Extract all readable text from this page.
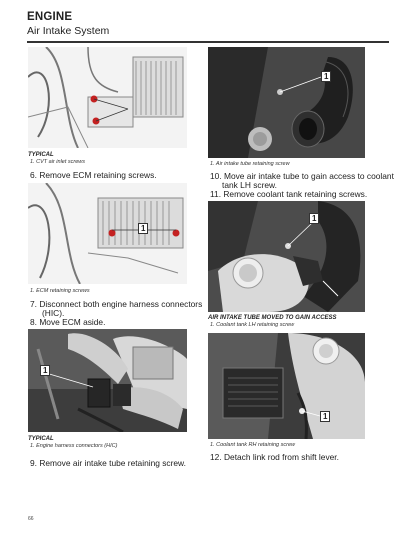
ENGINE
Air Intake System
TYPICAL
1. CVT air inlet screws
6. Remove ECM retaining screws.
1
1. ECM retaining screws
7. Disconnect both engine harness connectors
(HIC).
8. Move ECM aside.
1
TYPICAL
1. Engine harness connectors (HIC)
9. Remove air intake tube retaining screw.
1
1. Air intake tube retaining screw
10. Move air intake tube to gain access to coolant
tank LH screw.
11. Remove coolant tank retaining screws.
1
AIR INTAKE TUBE MOVED TO GAIN ACCESS
1. Coolant tank LH retaining screw
1
1. Coolant tank RH retaining screw
12. Detach link rod from shift lever.
66
